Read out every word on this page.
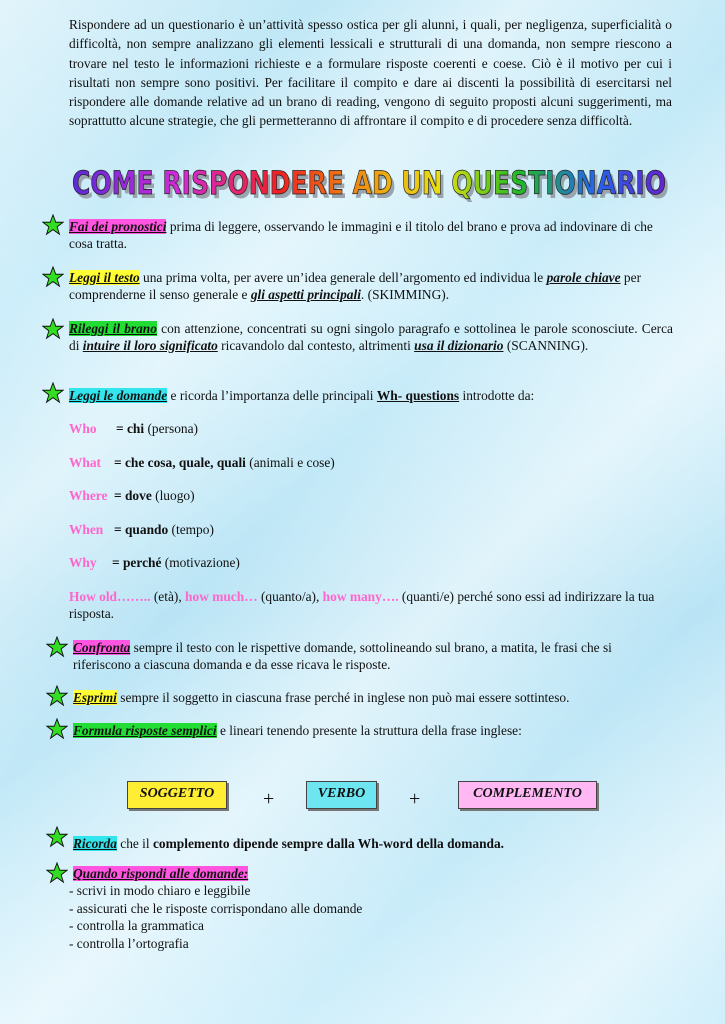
Rispondere ad un questionario è un’attività spesso ostica per gli alunni, i quali, per negligenza, superficialità o difficoltà, non sempre analizzano gli elementi lessicali e strutturali di una domanda, non sempre riescono a trovare nel testo le informazioni richieste e a formulare risposte coerenti e coese. Ciò è il motivo per cui i risultati non sempre sono positivi. Per facilitare il compito e dare ai discenti la possibilità di esercitarsi nel rispondere alle domande relative ad un brano di reading, vengono di seguito proposti alcuni suggerimenti, ma soprattutto alcune strategie, che gli permetteranno di affrontare il compito e di procedere senza difficoltà.
COME RISPONDERE AD UN QUESTIONARIO
COME RISPONDERE AD UN QUESTIONARIO
Fai dei pronostici prima di leggere, osservando le immagini e il titolo del brano e prova ad indovinare di che cosa tratta.
Leggi il testo una prima volta, per avere un’idea generale dell’argomento ed individua le parole chiave per comprenderne il senso generale e gli aspetti principali. (SKIMMING).
Rileggi il brano con attenzione, concentrati su ogni singolo paragrafo e sottolinea le parole sconosciute. Cerca di intuire il loro significato ricavandolo dal contesto, altrimenti usa il dizionario (SCANNING).
Leggi le domande e ricorda l’importanza delle principali Wh- questions introdotte da:
Who = chi (persona)
What = che cosa, quale, quali (animali e cose)
Where = dove (luogo)
When = quando (tempo)
Why = perché (motivazione)
How old…….. (età), how much… (quanto/a), how many…. (quanti/e) perché sono essi ad indirizzare la tua risposta.
Confronta sempre il testo con le rispettive domande, sottolineando sul brano, a matita, le frasi che si riferiscono a ciascuna domanda e da esse ricava le risposte.
Esprimi sempre il soggetto in ciascuna frase perché in inglese non può mai essere sottinteso.
Formula risposte semplici e lineari tenendo presente la struttura della frase inglese:
SOGGETTO	+	VERBO	+	COMPLEMENTO
Ricorda che il complemento dipende sempre dalla Wh-word della domanda.
Quando rispondi alle domande:
- scrivi in modo chiaro e leggibile
- assicurati che le risposte corrispondano alle domande
- controlla la grammatica
- controlla l’ortografia
